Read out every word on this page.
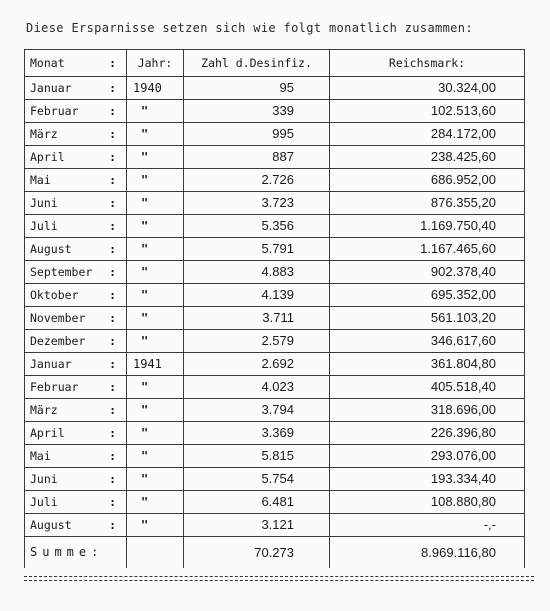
Diese Ersparnisse setzen sich wie folgt monatlich zusammen:
Monat :	Jahr:	Zahl d.Desinfiz.	Reichsmark:
Januar :	1940	95	30.324,00
Februar :	"	339	102.513,60
März :	"	995	284.172,00
April :	"	887	238.425,60
Mai :	"	2.726	686.952,00
Juni :	"	3.723	876.355,20
Juli :	"	5.356	1.169.750,40
August :	"	5.791	1.167.465,60
September :	"	4.883	902.378,40
Oktober :	"	4.139	695.352,00
November :	"	3.711	561.103,20
Dezember :	"	2.579	346.617,60
Januar :	1941	2.692	361.804,80
Februar :	"	4.023	405.518,40
März :	"	3.794	318.696,00
April :	"	3.369	226.396,80
Mai :	"	5.815	293.076,00
Juni :	"	5.754	193.334,40
Juli :	"	6.481	108.880,80
August :	"	3.121	-,-
Summe:		70.273	8.969.116,80
